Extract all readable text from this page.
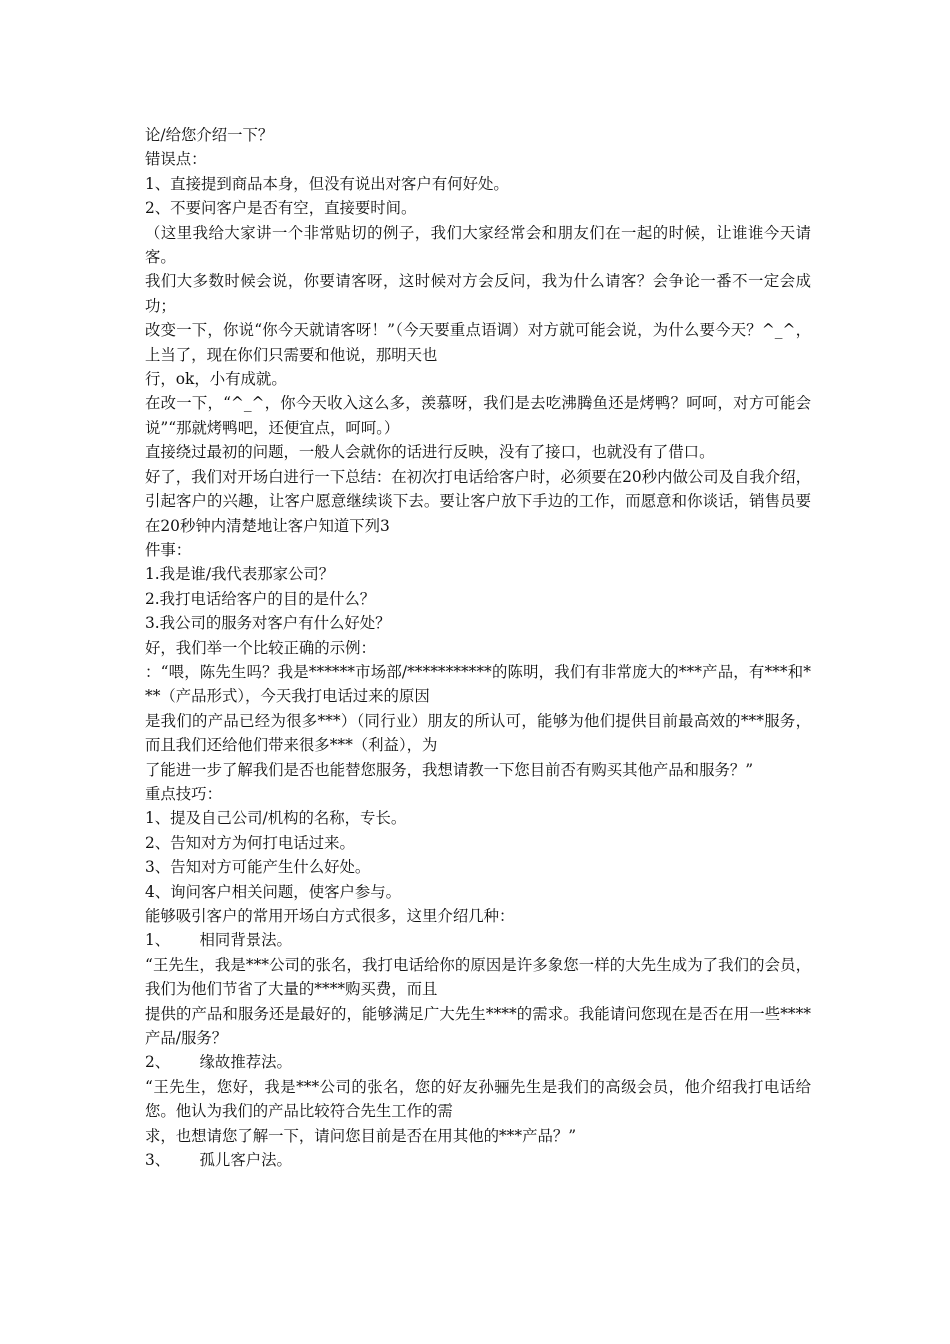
论/给您介绍一下？

错误点：

1、直接提到商品本身，但没有说出对客户有何好处。

2、不要问客户是否有空，直接要时间。

（这里我给大家讲一个非常贴切的例子，我们大家经常会和朋友们在一起的时候，让谁谁今天请客。

我们大多数时候会说，你要请客呀，这时候对方会反问，我为什么请客？会争论一番不一定会成功；

改变一下，你说“你今天就请客呀！”（今天要重点语调）对方就可能会说，为什么要今天？^_^，上当了，现在你们只需要和他说，那明天也

行，ok，小有成就。

在改一下，“^_^，你今天收入这么多，羡慕呀，我们是去吃沸腾鱼还是烤鸭？呵呵，对方可能会说”“那就烤鸭吧，还便宜点，呵呵。）

直接绕过最初的问题，一般人会就你的话进行反映，没有了接口，也就没有了借口。

好了，我们对开场白进行一下总结：在初次打电话给客户时，必须要在20秒内做公司及自我介绍，引起客户的兴趣，让客户愿意继续谈下去。要让客户放下手边的工作，而愿意和你谈话，销售员要在20秒钟内清楚地让客户知道下列3

件事：

1.我是谁/我代表那家公司？

2.我打电话给客户的目的是什么？

3.我公司的服务对客户有什么好处？

好，我们举一个比较正确的示例：

：“喂，陈先生吗？我是******市场部/***********的陈明，我们有非常庞大的***产品，有***和***（产品形式），今天我打电话过来的原因

是我们的产品已经为很多***）（同行业）朋友的所认可，能够为他们提供目前最高效的***服务，而且我们还给他们带来很多***（利益），为

了能进一步了解我们是否也能替您服务，我想请教一下您目前否有购买其他产品和服务？”

重点技巧：

1、提及自己公司/机构的名称，专长。

2、告知对方为何打电话过来。

3、告知对方可能产生什么好处。

4、询问客户相关问题，使客户参与。

能够吸引客户的常用开场白方式很多，这里介绍几种：

1、      相同背景法。

“王先生，我是***公司的张名，我打电话给你的原因是许多象您一样的大先生成为了我们的会员，我们为他们节省了大量的****购买费，而且

提供的产品和服务还是最好的，能够满足广大先生****的需求。我能请问您现在是否在用一些****产品/服务？

2、      缘故推荐法。

“王先生，您好，我是***公司的张名，您的好友孙骊先生是我们的高级会员，他介绍我打电话给您。他认为我们的产品比较符合先生工作的需

求，也想请您了解一下，请问您目前是否在用其他的***产品？”

3、      孤儿客户法。
